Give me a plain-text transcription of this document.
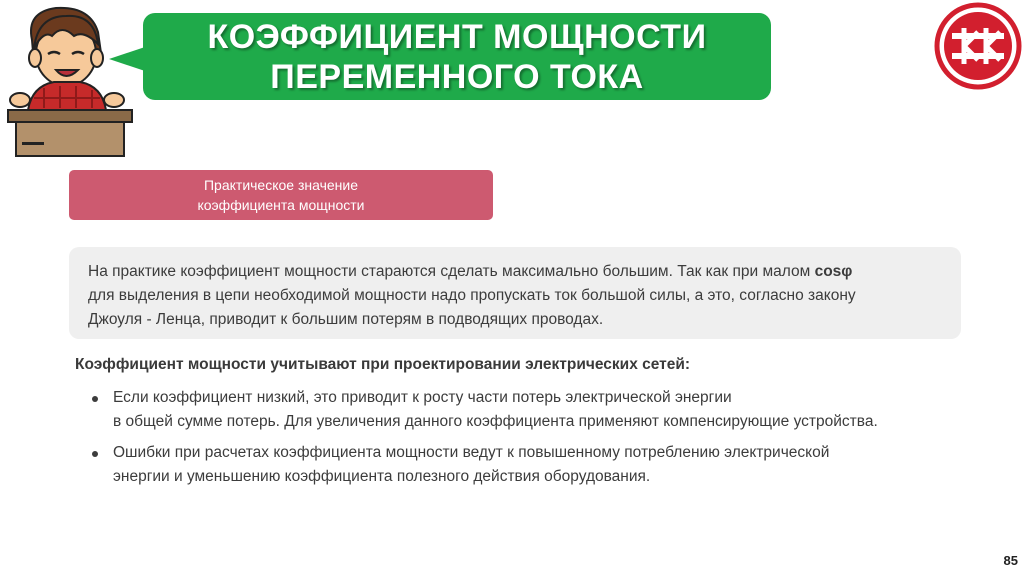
КОЭФФИЦИЕНТ МОЩНОСТИ
ПЕРЕМЕННОГО ТОКА
Практическое значение
коэффициента мощности
На практике коэффициент мощности стараются сделать максимально большим. Так как при малом cosφ
для выделения в цепи необходимой мощности надо пропускать ток большой силы, а это, согласно закону
Джоуля - Ленца, приводит к большим потерям в подводящих проводах.
Коэффициент мощности учитывают при проектировании электрических сетей:
Если коэффициент низкий, это приводит к росту части потерь электрической энергии
в общей сумме потерь. Для увеличения данного коэффициента применяют компенсирующие устройства.
Ошибки при расчетах коэффициента мощности ведут к повышенному потреблению электрической
энергии и уменьшению коэффициента полезного действия оборудования.
85
